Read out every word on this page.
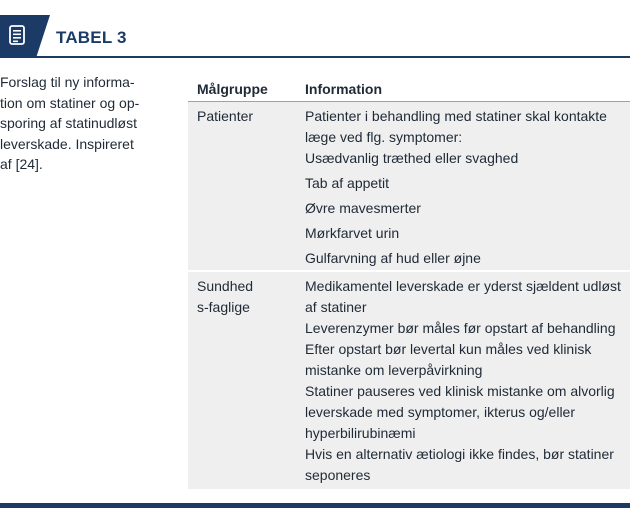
TABEL 3
Forslag til ny informa-
tion om statiner og op-
sporing af statinudløst
leverskade. Inspireret
af [24].
Målgruppe	Information
Patienter	Patienter i behandling med statiner skal kontakte læge ved flg. symptomer:
Usædvanlig træthed eller svaghed
Tab af appetit
Øvre mavesmerter
Mørkfarvet urin
Gulfarvning af hud eller øjne
Sundheds-faglige
Medikamentel leverskade er yderst sjældent udløst af statiner
Leverenzymer bør måles før opstart af behandling
Efter opstart bør levertal kun måles ved klinisk mistanke om leverpåvirkning
Statiner pauseres ved klinisk mistanke om alvorlig leverskade med symptomer, ikterus og/eller hyperbilirubinæmi
Hvis en alternativ ætiologi ikke findes, bør statiner seponeres
